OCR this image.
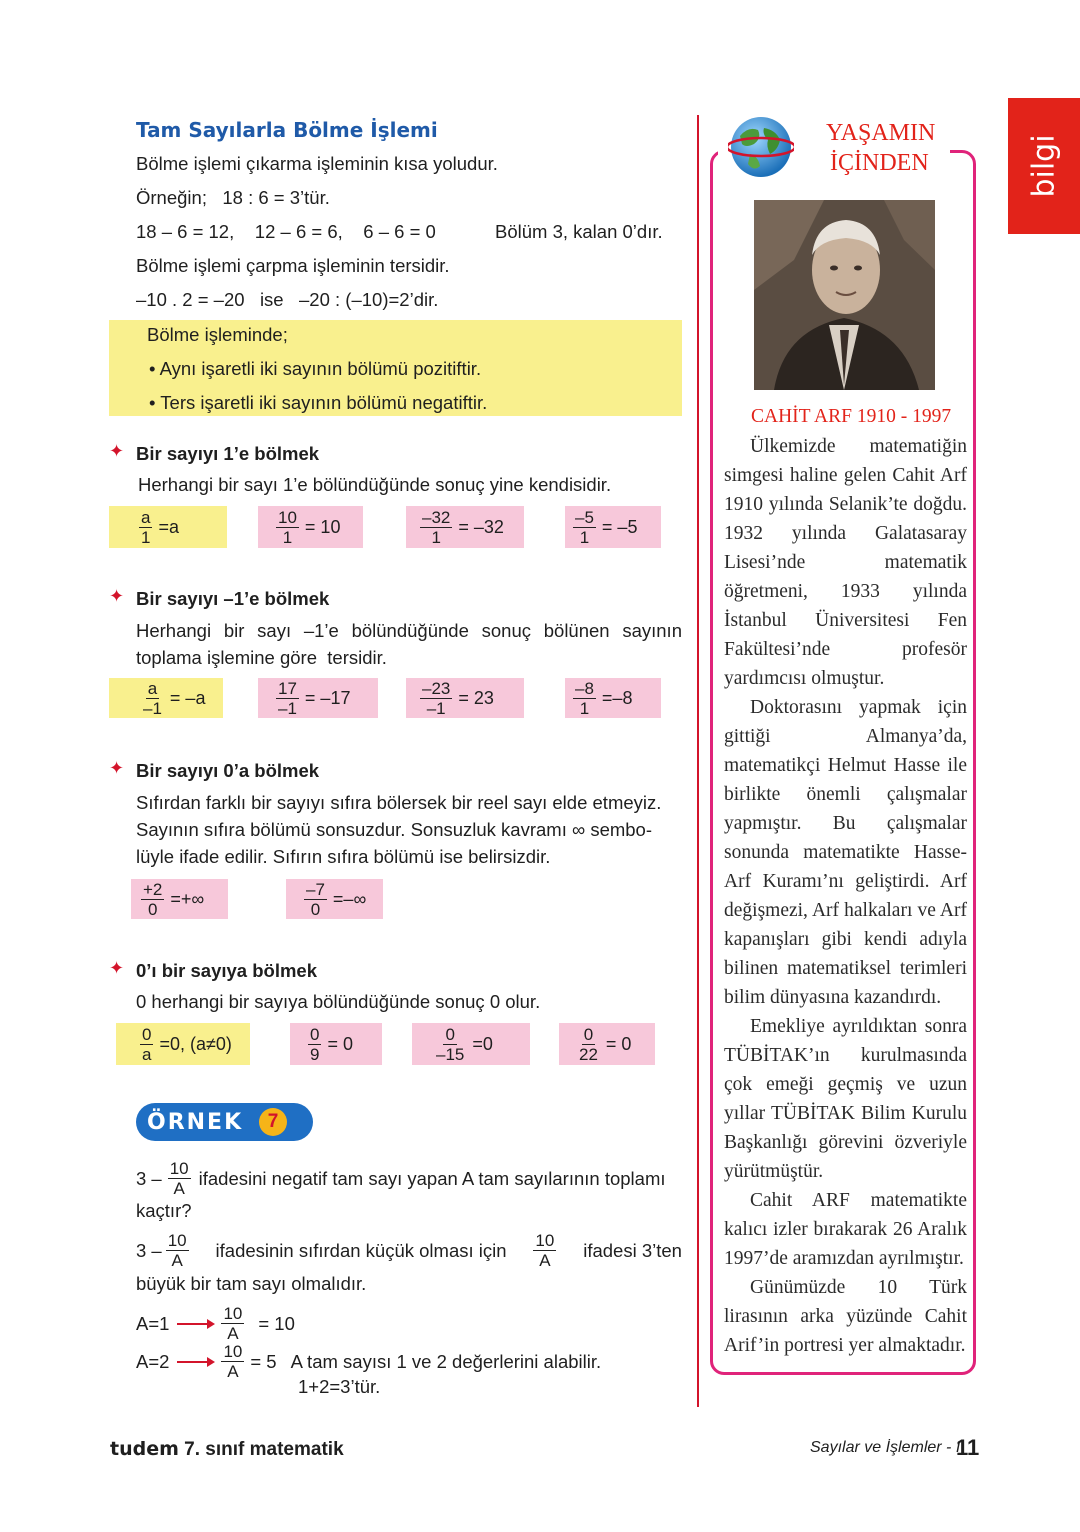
bilgi
Tam Sayılarla Bölme İşlemi
Bölme işlemi çıkarma işleminin kısa yoludur.
Örneğin;   18 : 6 = 3’tür.
18 – 6 = 12,    12 – 6 = 6,    6 – 6 = 0	Bölüm 3, kalan 0’dır.
Bölme işlemi çarpma işleminin tersidir.
–10 . 2 = –20   ise   –20 : (–10)=2’dir.
Bölme işleminde;
• Aynı işaretli iki sayının bölümü pozitiftir.
• Ters işaretli iki sayının bölümü negatiftir.
✦ Bir sayıyı 1’e bölmek
Herhangi bir sayı 1’e bölündüğünde sonuç yine kendisidir.
$\frac{a}{1} =a$	$\frac{10}{1} = 10$	$\frac{-32}{1} = -32$	$\frac{-5}{1} = -5$
✦ Bir sayıyı –1’e bölmek
Herhangi bir sayı –1’e bölündüğünde sonuç bölünen sayının
toplama işlemine göre  tersidir.
$\frac{a}{-1} = -a$	$\frac{17}{-1} = -17$	$\frac{-23}{-1} = 23$	$\frac{-8}{1} =-8$
✦ Bir sayıyı 0’a bölmek
Sıfırdan farklı bir sayıyı sıfıra bölersek bir reel sayı elde etmeyiz.
Sayının sıfıra bölümü sonsuzdur. Sonsuzluk kavramı ∞ sembo-
lüyle ifade edilir. Sıfırın sıfıra bölümü ise belirsizdir.
$\frac{+2}{0}$ =+∞	$\frac{-7}{0}$ =–∞
✦ 0’ı bir sayıya bölmek
0 herhangi bir sayıya bölündüğünde sonuç 0 olur.
$\frac{0}{a} =0$, (a≠0)	$\frac{0}{9} = 0$	$\frac{0}{-15} =0$	$\frac{0}{22} = 0$
ÖRNEK	7
$3 - \frac{10}{A}$ ifadesini negatif tam sayı yapan A tam sayılarının toplamı
kaçtır?
$3 - \frac{10}{A}$ ifadesinin sıfırdan küçük olması için $\frac{10}{A}$ ifadesi 3’ten
büyük bir tam sayı olmalıdır.
A=1	$\frac{10}{A} = 10$
A=2	$\frac{10}{A} = 5$ A tam sayısı 1 ve 2 değerlerini alabilir.
1+2=3’tür.
YAŞAMIN
İÇİNDEN
CAHİT ARF 1910 - 1997

Ülkemizde matematiğin simgesi haline gelen Cahit Arf 1910 yılında Selanik’te doğdu. 1932 yılında Galatasaray Lisesi’nde matematik öğretmeni, 1933 yılında İstanbul Üniversitesi Fen Fakültesi’nde profesör yardımcısı olmuştur.

Doktorasını yapmak için gittiği Almanya’da, matematikçi Helmut Hasse ile birlikte önemli çalışmalar yapmıştır. Bu çalışmalar sonunda matematikte Hasse-Arf Kuramı’nı geliştirdi. Arf değişmezi, Arf halkaları ve Arf kapanışları gibi kendi adıyla bilinen matematiksel terimleri bilim dünyasına kazandırdı.

Emekliye ayrıldıktan sonra TÜBİTAK’ın kurulmasında çok emeği geçmiş ve uzun yıllar TÜBİTAK Bilim Kurulu Başkanlığı görevini özveriyle yürütmüştür.

Cahit ARF matematikte kalıcı izler bırakarak 26 Aralık 1997’de aramızdan ayrılmıştır.

Günümüzde 10 Türk lirasının arka yüzünde Cahit Arif’in portresi yer almaktadır.

tudem 7. sınıf matematik	Sayılar ve İşlemler - I
11
